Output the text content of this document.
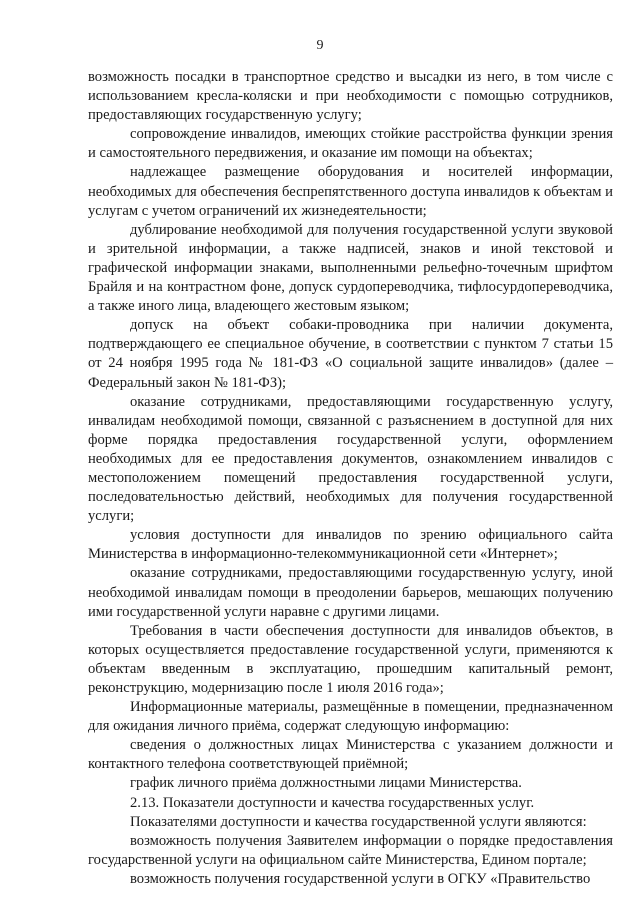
9

возможность посадки в транспортное средство и высадки из него, в том числе с использованием кресла-коляски и при необходимости с помощью сотрудников, предоставляющих государственную услугу;

сопровождение инвалидов, имеющих стойкие расстройства функции зрения и самостоятельного передвижения, и оказание им помощи на объектах;

надлежащее размещение оборудования и носителей информации, необходимых для обеспечения беспрепятственного доступа инвалидов к объектам и услугам с учетом ограничений их жизнедеятельности;

дублирование необходимой для получения государственной услуги звуковой и зрительной информации, а также надписей, знаков и иной текстовой и графической информации знаками, выполненными рельефно-точечным шрифтом Брайля и на контрастном фоне, допуск сурдопереводчика, тифлосурдопереводчика, а также иного лица, владеющего жестовым языком;

допуск на объект собаки-проводника при наличии документа, подтверждающего ее специальное обучение, в соответствии с пунктом 7 статьи 15 от 24 ноября 1995 года № 181-ФЗ «О социальной защите инвалидов» (далее – Федеральный закон № 181-ФЗ);

оказание сотрудниками, предоставляющими государственную услугу, инвалидам необходимой помощи, связанной с разъяснением в доступной для них форме порядка предоставления государственной услуги, оформлением необходимых для ее предоставления документов, ознакомлением инвалидов с местоположением помещений предоставления государственной услуги, последовательностью действий, необходимых для получения государственной услуги;

условия доступности для инвалидов по зрению официального сайта Министерства в информационно-телекоммуникационной сети «Интернет»;

оказание сотрудниками, предоставляющими государственную услугу, иной необходимой инвалидам помощи в преодолении барьеров, мешающих получению ими государственной услуги наравне с другими лицами.

Требования в части обеспечения доступности для инвалидов объектов, в которых осуществляется предоставление государственной услуги, применяются к объектам введенным в эксплуатацию, прошедшим капитальный ремонт, реконструкцию, модернизацию после 1 июля 2016 года»;

Информационные материалы, размещённые в помещении, предназначенном для ожидания личного приёма, содержат следующую информацию:

сведения о должностных лицах Министерства с указанием должности и контактного телефона соответствующей приёмной;

график личного приёма должностными лицами Министерства.

2.13. Показатели доступности и качества государственных услуг.

Показателями доступности и качества государственной услуги являются:

возможность получения Заявителем информации о порядке предоставления государственной услуги на официальном сайте Министерства, Едином портале;

возможность получения государственной услуги в ОГКУ «Правительство
